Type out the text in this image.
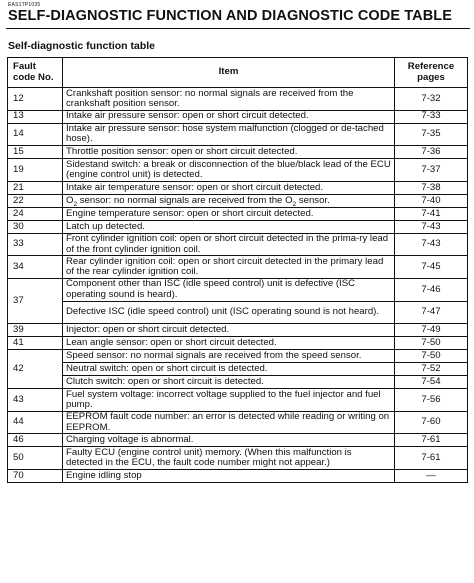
EAS1TP1035
SELF-DIAGNOSTIC FUNCTION AND DIAGNOSTIC CODE TABLE
Self-diagnostic function table
Fault
code No.	Item	Reference
pages
12	Crankshaft position sensor: no normal signals are received from the crankshaft position sensor.	7-32
13	Intake air pressure sensor: open or short circuit detected.	7-33
14	Intake air pressure sensor: hose system malfunction (clogged or de-tached hose).	7-35
15	Throttle position sensor: open or short circuit detected.	7-36
19	Sidestand switch: a break or disconnection of the blue/black lead of the ECU (engine control unit) is detected.	7-37
21	Intake air temperature sensor: open or short circuit detected.	7-38
22	$O_2$ sensor: no normal signals are received from the $O_2$ sensor.	7-40
24	Engine temperature sensor: open or short circuit detected.	7-41
30	Latch up detected.	7-43
33	Front cylinder ignition coil: open or short circuit detected in the prima-ry lead of the front cylinder ignition coil.	7-43
34	Rear cylinder ignition coil: open or short circuit detected in the primary lead of the rear cylinder ignition coil.	7-45
37	Component other than ISC (idle speed control) unit is defective (ISC operating sound is heard).	7-46
	Defective ISC (idle speed control) unit (ISC operating sound is not heard).	7-47
39	Injector: open or short circuit detected.	7-49
41	Lean angle sensor: open or short circuit detected.	7-50
42	Speed sensor: no normal signals are received from the speed sensor.	7-50
	Neutral switch: open or short circuit is detected.	7-52
	Clutch switch: open or short circuit is detected.	7-54
43	Fuel system voltage: incorrect voltage supplied to the fuel injector and fuel pump.	7-56
44	EEPROM fault code number: an error is detected while reading or writing on EEPROM.	7-60
46	Charging voltage is abnormal.	7-61
50	Faulty ECU (engine control unit) memory. (When this malfunction is detected in the ECU, the fault code number might not appear.)	7-61
70	Engine idling stop	—
